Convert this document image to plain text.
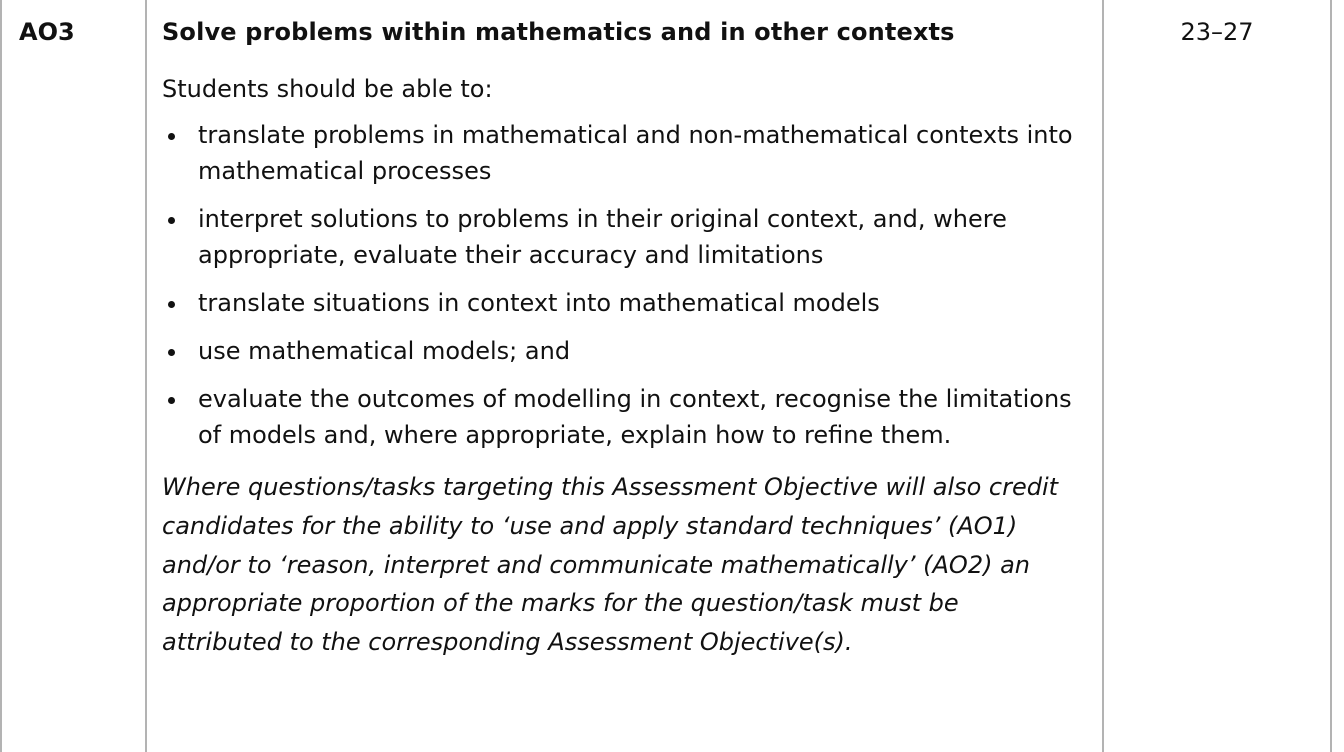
AO3	Solve problems within mathematics and in other contexts

Students should be able to:

translate problems in mathematical and non-mathematical contexts into mathematical processes
interpret solutions to problems in their original context, and, where appropriate, evaluate their accuracy and limitations
translate situations in context into mathematical models
use mathematical models; and
evaluate the outcomes of modelling in context, recognise the limitations of models and, where appropriate, explain how to refine them.

Where questions/tasks targeting this Assessment Objective will also credit candidates for the ability to ‘use and apply standard techniques’ (AO1) and/or to ‘reason, interpret and communicate mathematically’ (AO2) an appropriate proportion of the marks for the question/task must be attributed to the corresponding Assessment Objective(s).

23–27
